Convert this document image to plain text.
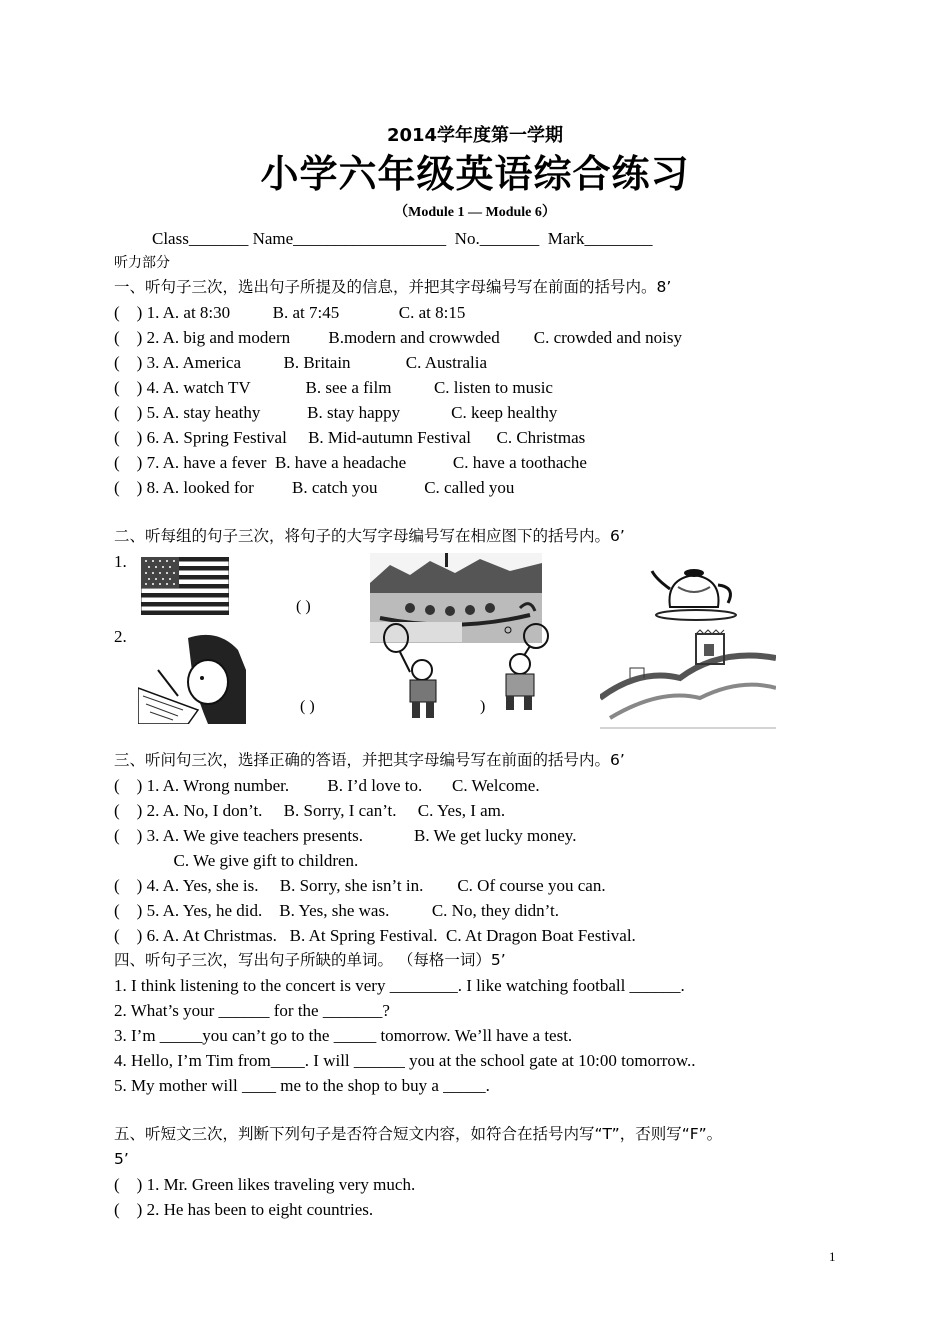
2014学年度第一学期
小学六年级英语综合练习
（Module 1 — Module 6）
Class_______ Name__________________  No._______  Mark________
听力部分
一、听句子三次，选出句子所提及的信息，并把其字母编号写在前面的括号内。8’
(    ) 1. A. at 8:30          B. at 7:45              C. at 8:15
(    ) 2. A. big and modern         B.modern and crowwded        C. crowded and noisy
(    ) 3. A. America          B. Britain             C. Australia
(    ) 4. A. watch TV             B. see a film          C. listen to music
(    ) 5. A. stay heathy           B. stay happy            C. keep healthy
(    ) 6. A. Spring Festival     B. Mid-autumn Festival      C. Christmas
(    ) 7. A. have a fever  B. have a headache           C. have a toothache
(    ) 8. A. looked for         B. catch you           C. called you
二、听每组的句子三次，将句子的大写字母编号写在相应图下的括号内。6’
1.
2.
( )
( )	)
三、听问句三次，选择正确的答语，并把其字母编号写在前面的括号内。6’
(    ) 1. A. Wrong number.         B. I’d love to.       C. Welcome.
(    ) 2. A. No, I don’t.     B. Sorry, I can’t.     C. Yes, I am.
(    ) 3. A. We give teachers presents.            B. We get lucky money.
C. We give gift to children.
(    ) 4. A. Yes, she is.     B. Sorry, she isn’t in.        C. Of course you can.
(    ) 5. A. Yes, he did.    B. Yes, she was.          C. No, they didn’t.
(    ) 6. A. At Christmas.   B. At Spring Festival.  C. At Dragon Boat Festival.
四、听句子三次，写出句子所缺的单词。 （每格一词）5’
1. I think listening to the concert is very ________. I like watching football ______.
2. What’s your ______ for the _______?
3. I’m _____you can’t go to the _____ tomorrow. We’ll have a test.
4. Hello, I’m Tim from____. I will ______ you at the school gate at 10:00 tomorrow..
5. My mother will ____ me to the shop to buy a _____.
五、听短文三次，判断下列句子是否符合短文内容，如符合在括号内写“T”，否则写“F”。
5’
(    ) 1. Mr. Green likes traveling very much.
(    ) 2. He has been to eight countries.
1
